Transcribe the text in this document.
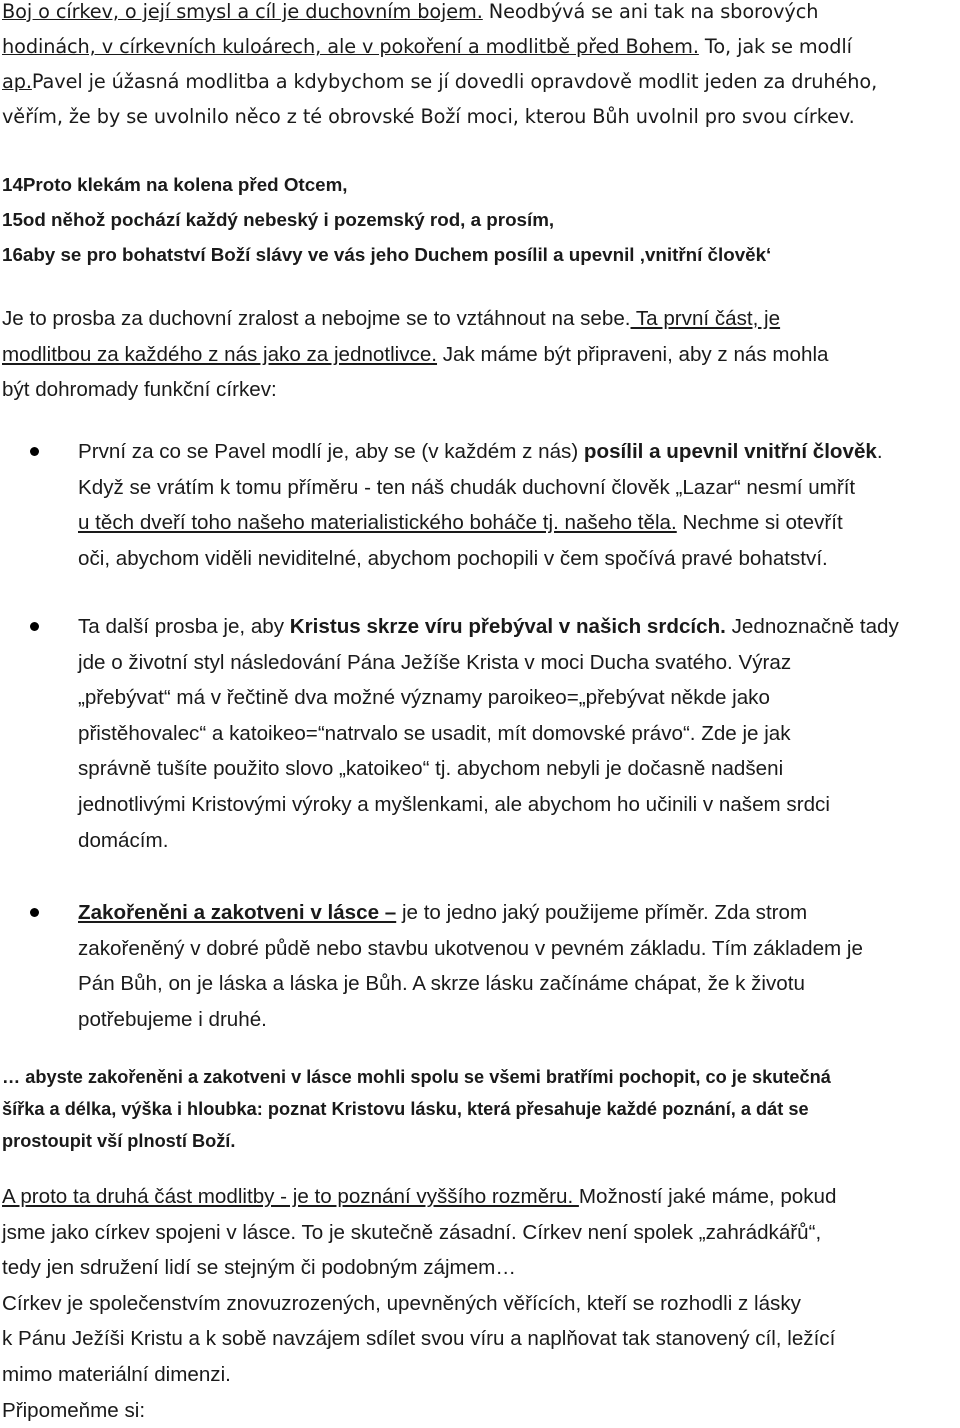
Boj o církev, o její smysl a cíl je duchovním bojem. Neodbývá se ani tak na sborových
hodinách, v církevních kuloárech, ale v pokoření a modlitbě před Bohem. To, jak se modlí
ap.Pavel je úžasná modlitba a kdybychom se jí dovedli opravdově modlit jeden za druhého,
věřím, že by se uvolnilo něco z té obrovské Boží moci, kterou Bůh uvolnil pro svou církev.
14Proto klekám na kolena před Otcem,
15od něhož pochází každý nebeský i pozemský rod, a prosím,
16aby se pro bohatství Boží slávy ve vás jeho Duchem posílil a upevnil ‚vnitřní člověk‘
Je to prosba za duchovní zralost a nebojme se to vztáhnout na sebe. Ta první část, je
modlitbou za každého z nás jako za jednotlivce. Jak máme být připraveni, aby z nás mohla
být dohromady funkční církev:
První za co se Pavel modlí je, aby se (v každém z nás) posílil a upevnil vnitřní člověk.
Když se vrátím k tomu příměru - ten náš chudák duchovní člověk „Lazar“ nesmí umřít
u těch dveří toho našeho materialistického boháče tj. našeho těla. Nechme si otevřít
oči, abychom viděli neviditelné, abychom pochopili v čem spočívá pravé bohatství.
Ta další prosba je, aby Kristus skrze víru přebýval v našich srdcích. Jednoznačně tady
jde o životní styl následování Pána Ježíše Krista v moci Ducha svatého. Výraz
„přebývat“ má v řečtině dva možné významy paroikeo=„přebývat někde jako
přistěhovalec“ a katoikeo=“natrvalo se usadit, mít domovské právo“. Zde je jak
správně tušíte použito slovo „katoikeo“ tj. abychom nebyli je dočasně nadšeni
jednotlivými Kristovými výroky a myšlenkami, ale abychom ho učinili v našem srdci
domácím.
Zakořeněni a zakotveni v lásce – je to jedno jaký použijeme příměr. Zda strom
zakořeněný v dobré půdě nebo stavbu ukotvenou v pevném základu. Tím základem je
Pán Bůh, on je láska a láska je Bůh. A skrze lásku začínáme chápat, že k životu
potřebujeme i druhé.
… abyste zakořeněni a zakotveni v lásce mohli spolu se všemi bratřími pochopit, co je skutečná
šířka a délka, výška i hloubka: poznat Kristovu lásku, která přesahuje každé poznání, a dát se
prostoupit vší plností Boží.
A proto ta druhá část modlitby - je to poznání vyššího rozměru. Možností jaké máme, pokud
jsme jako církev spojeni v lásce. To je skutečně zásadní. Církev není spolek „zahrádkářů“,
tedy jen sdružení lidí se stejným či podobným zájmem…
Církev je společenstvím znovuzrozených, upevněných věřících, kteří se rozhodli z lásky
k Pánu Ježíši Kristu a k sobě navzájem sdílet svou víru a naplňovat tak stanovený cíl, ležící
mimo materiální dimenzi.
Připomeňme si:
